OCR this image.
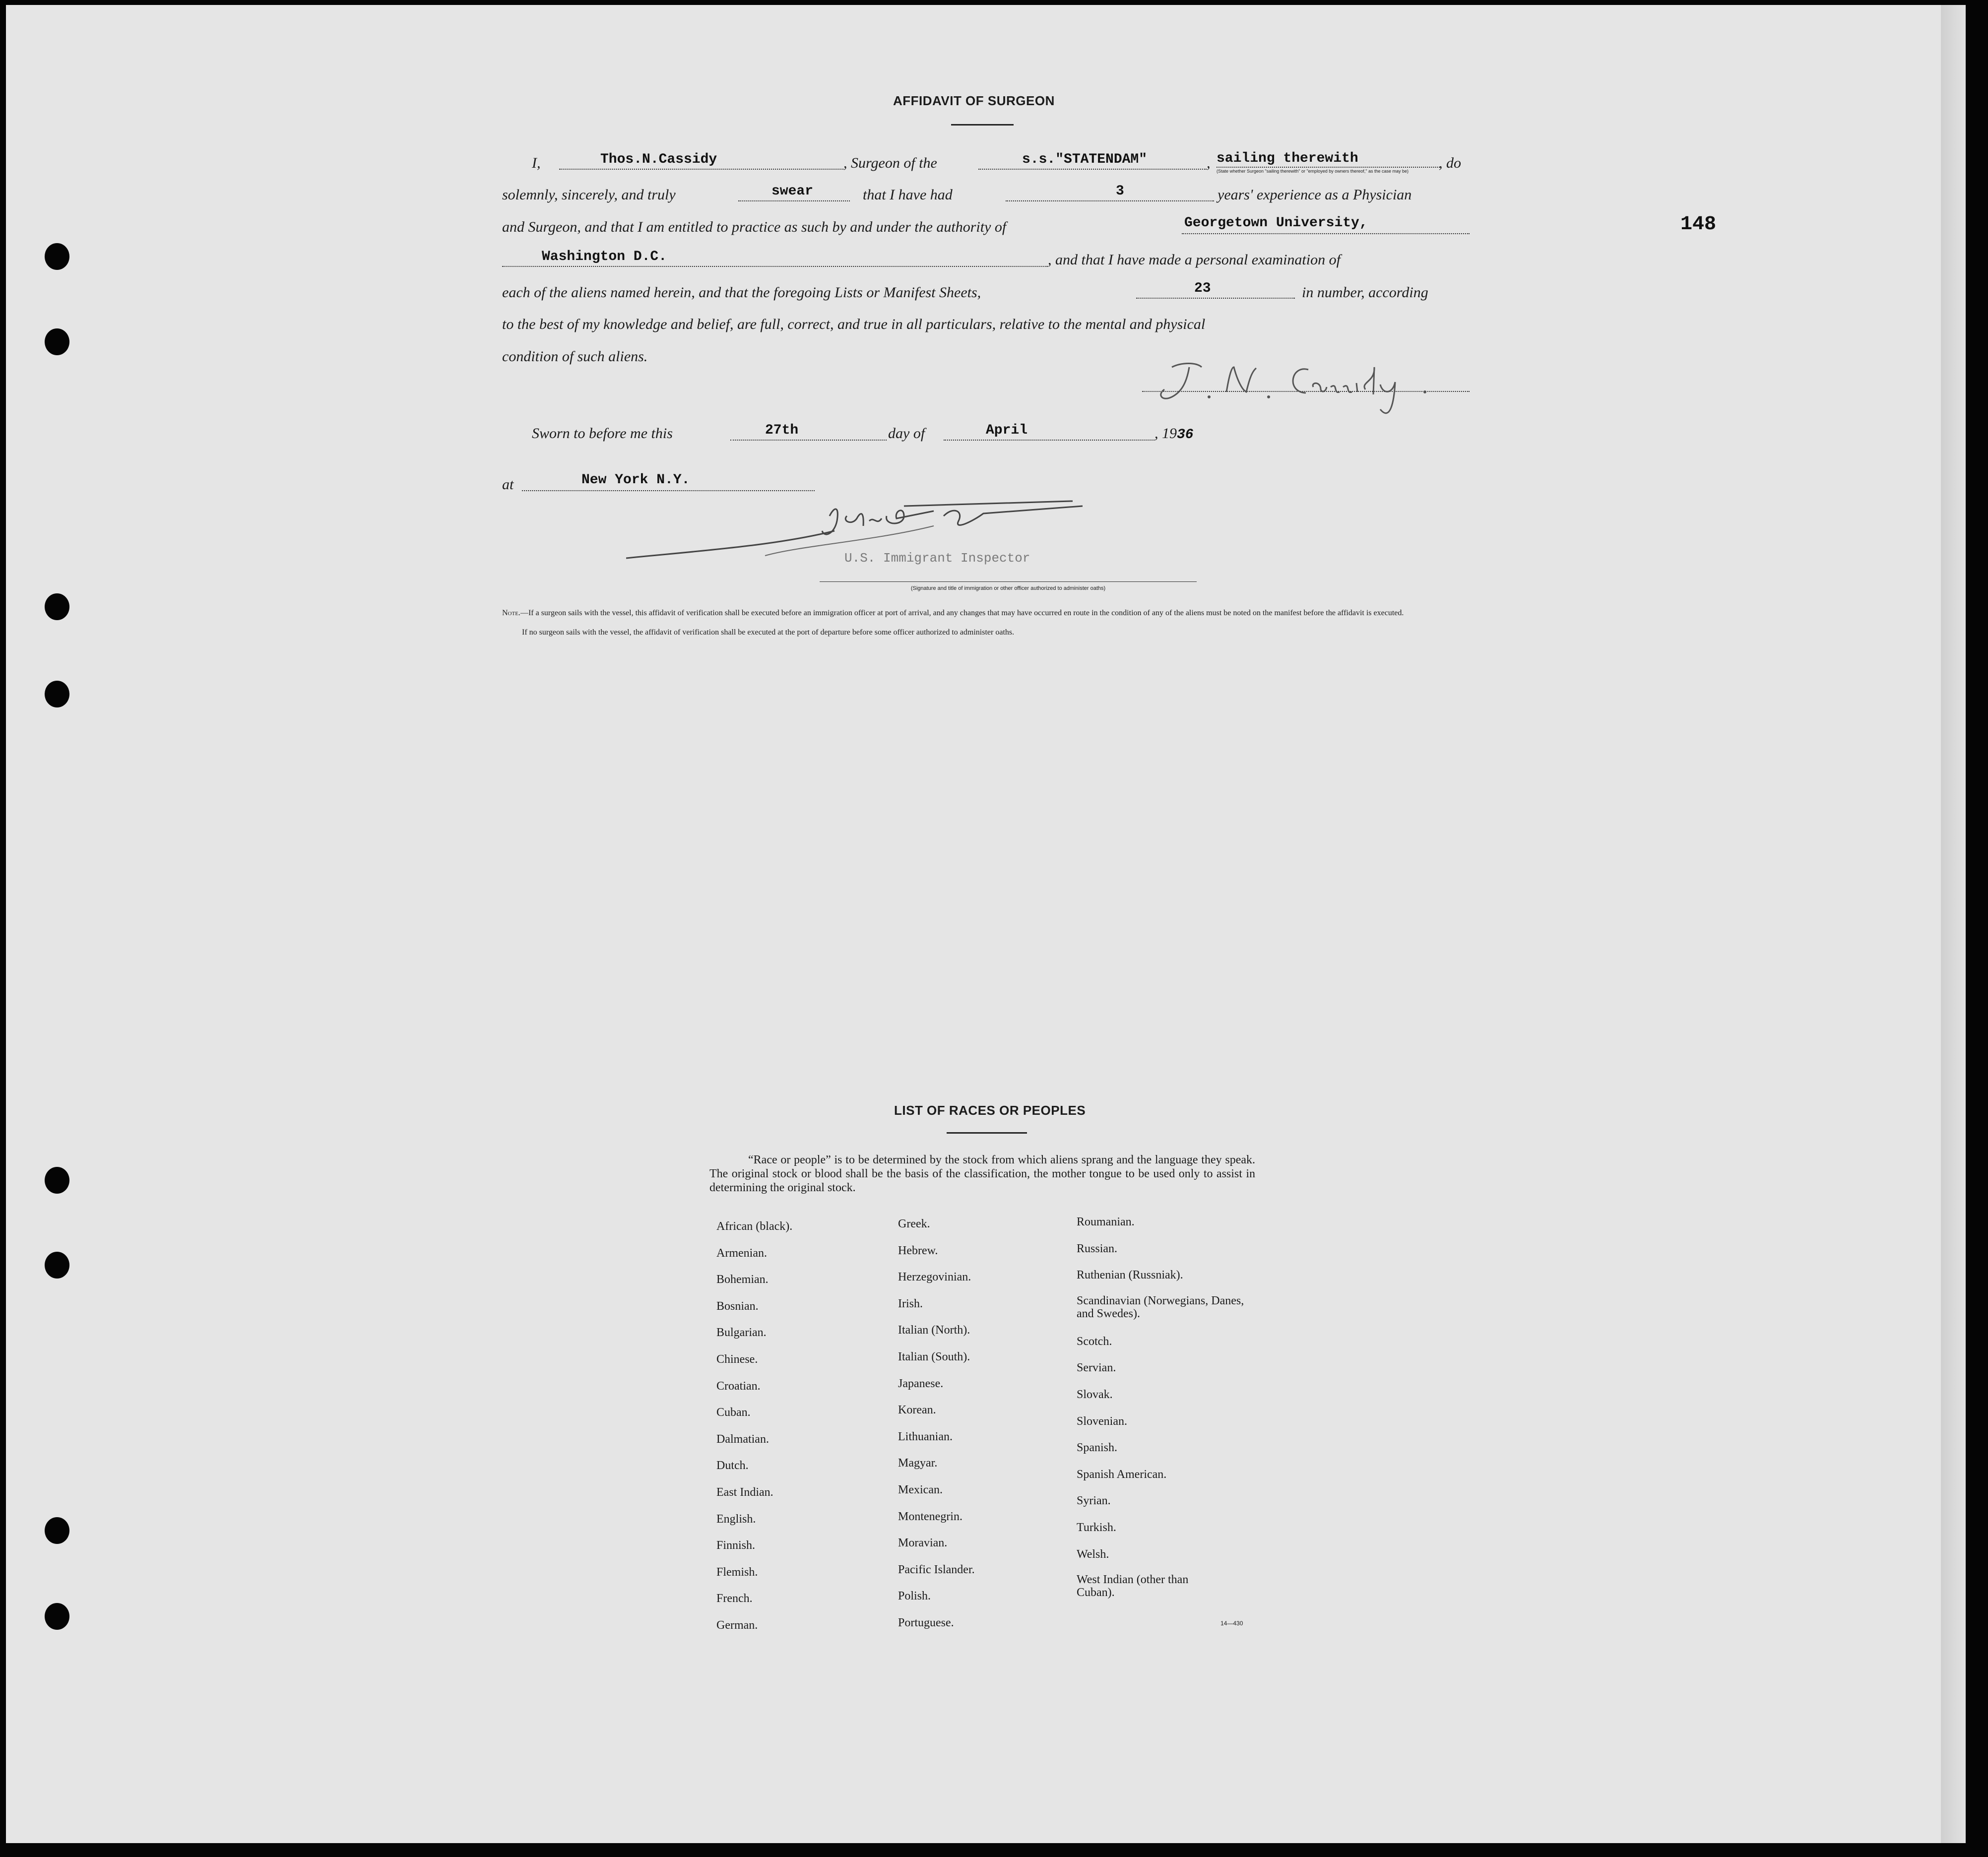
148
AFFIDAVIT OF SURGEON
I,	Thos.N.Cassidy	, Surgeon of the	s.s."STATENDAM"	, sailing therewith
(State whether Surgeon "sailing therewith" or "employed by owners thereof," as the case may be)	, do
solemnly, sincerely, and truly	swear	that I have had	3	years' experience as a Physician
and Surgeon, and that I am entitled to practice as such by and under the authority of	Georgetown University,
Washington D.C.	, and that I have made a personal examination of
each of the aliens named herein, and that the foregoing Lists or Manifest Sheets,	23	in number, according
to the best of my knowledge and belief, are full, correct, and true in all particulars, relative to the mental and physical
condition of such aliens.
T. N. Cassidy
Sworn to before me this	27th	day of	April	, 1936
at	New York N.Y.
U.S. Immigrant Inspector
(Signature and title of immigration or other officer authorized to administer oaths)
Note.—If a surgeon sails with the vessel, this affidavit of verification shall be executed before an immigration officer at port of arrival, and any changes that may have occurred en route in the condition of any of the aliens must be noted on the manifest before the affidavit is executed.
If no surgeon sails with the vessel, the affidavit of verification shall be executed at the port of departure before some officer authorized to administer oaths.
LIST OF RACES OR PEOPLES
“Race or people” is to be determined by the stock from which aliens sprang and the language they speak. The original stock or blood shall be the basis of the classification, the mother tongue to be used only to assist in determining the original stock.
African (black).
Armenian.
Bohemian.
Bosnian.
Bulgarian.
Chinese.
Croatian.
Cuban.
Dalmatian.
Dutch.
East Indian.
English.
Finnish.
Flemish.
French.
German.
Greek.
Hebrew.
Herzegovinian.
Irish.
Italian (North).
Italian (South).
Japanese.
Korean.
Lithuanian.
Magyar.
Mexican.
Montenegrin.
Moravian.
Pacific Islander.
Polish.
Portuguese.
Roumanian.
Russian.
Ruthenian (Russniak).
Scandinavian (Norwegians, Danes, and Swedes).
Scotch.
Servian.
Slovak.
Slovenian.
Spanish.
Spanish American.
Syrian.
Turkish.
Welsh.
West Indian (other than Cuban).
14—430
